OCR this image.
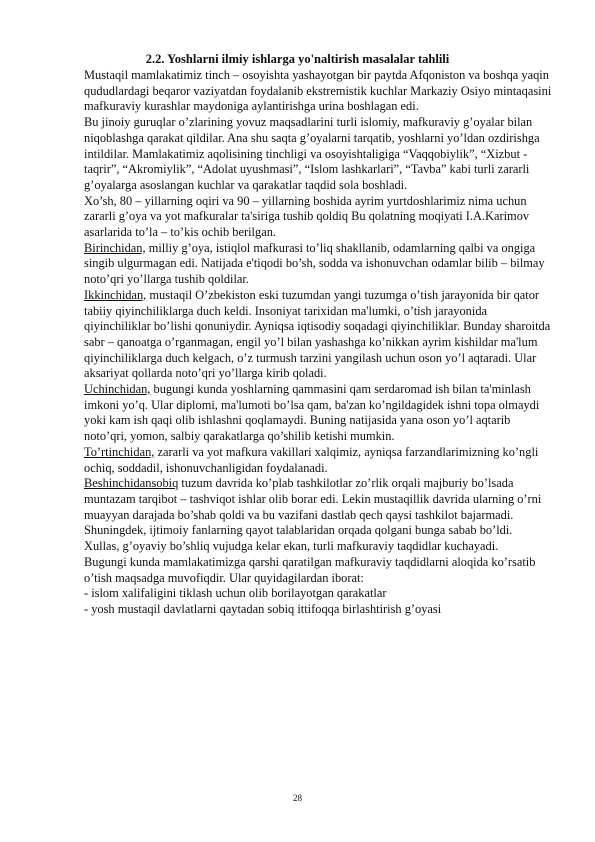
2.2. Yoshlarni ilmiy ishlarga yo'naltirish masalalar tahlili

Mustaqil mamlakatimiz tinch – osoyishta yashayotgan bir paytda Afqoniston va boshqa yaqin qududlardagi beqaror vaziyatdan foydalanib ekstremistik kuchlar Markaziy Osiyo mintaqasini mafkuraviy kurashlar maydoniga aylantirishga urina boshlagan edi.

Bu jinoiy guruqlar o’zlarining yovuz maqsadlarini turli islomiy, mafkuraviy g’oyalar bilan niqoblashga qarakat qildilar. Ana shu saqta g’oyalarni tarqatib, yoshlarni yo’ldan ozdirishga intildilar. Mamlakatimiz aqolisining tinchligi va osoyishtaligiga “Vaqqobiylik”, “Xizbut - taqrir”, “Akromiylik”, “Adolat uyushmasi”, “Islom lashkarlari”, “Tavba” kabi turli zararli g’oyalarga asoslangan kuchlar va qarakatlar taqdid sola boshladi.

Xo’sh, 80 – yillarning oqiri va 90 – yillarning boshida ayrim yurtdoshlarimiz nima uchun zararli g’oya va yot mafkuralar ta'siriga tushib qoldiq Bu qolatning moqiyati I.A.Karimov asarlarida to’la – to’kis ochib berilgan.

Birinchidan, milliy g’oya, istiqlol mafkurasi to’liq shakllanib, odamlarning qalbi va ongiga singib ulgurmagan edi. Natijada e'tiqodi bo’sh, sodda va ishonuvchan odamlar bilib – bilmay noto’qri yo’llarga tushib qoldilar.

Ikkinchidan, mustaqil O’zbekiston eski tuzumdan yangi tuzumga o’tish jarayonida bir qator tabiiy qiyinchiliklarga duch keldi. Insoniyat tarixidan ma'lumki, o’tish jarayonida qiyinchiliklar bo’lishi qonuniydir. Ayniqsa iqtisodiy soqadagi qiyinchiliklar. Bunday sharoitda sabr – qanoatga o’rganmagan, engil yo’l bilan yashashga ko’nikkan ayrim kishildar ma'lum qiyinchiliklarga duch kelgach, o’z turmush tarzini yangilash uchun oson yo’l aqtaradi. Ular aksariyat qollarda noto’qri yo’llarga kirib qoladi.

Uchinchidan, bugungi kunda yoshlarning qammasini qam serdaromad ish bilan ta'minlash imkoni yo’q. Ular diplomi, ma'lumoti bo’lsa qam, ba'zan ko’ngildagidek ishni topa olmaydi yoki kam ish qaqi olib ishlashni qoqlamaydi. Buning natijasida yana oson yo’l aqtarib noto’qri, yomon, salbiy qarakatlarga qo’shilib ketishi mumkin.

To’rtinchidan, zararli va yot mafkura vakillari xalqimiz, ayniqsa farzandlarimizning ko’ngli ochiq, soddadil, ishonuvchanligidan foydalanadi.

Beshinchidansobiq tuzum davrida ko’plab tashkilotlar zo’rlik orqali majburiy bo’lsada muntazam tarqibot – tashviqot ishlar olib borar edi. Lekin mustaqillik davrida ularning o’rni muayyan darajada bo’shab qoldi va bu vazifani dastlab qech qaysi tashkilot bajarmadi.

Shuningdek, ijtimoiy fanlarning qayot talablaridan orqada qolgani bunga sabab bo’ldi.

Xullas, g’oyaviy bo’shliq vujudga kelar ekan, turli mafkuraviy taqdidlar kuchayadi.

Bugungi kunda mamlakatimizga qarshi qaratilgan mafkuraviy taqdidlarni aloqida ko’rsatib o’tish maqsadga muvofiqdir. Ular quyidagilardan iborat:

- islom xalifaligini tiklash uchun olib borilayotgan qarakatlar

- yosh mustaqil davlatlarni qaytadan sobiq ittifoqqa birlashtirish g’oyasi

28
